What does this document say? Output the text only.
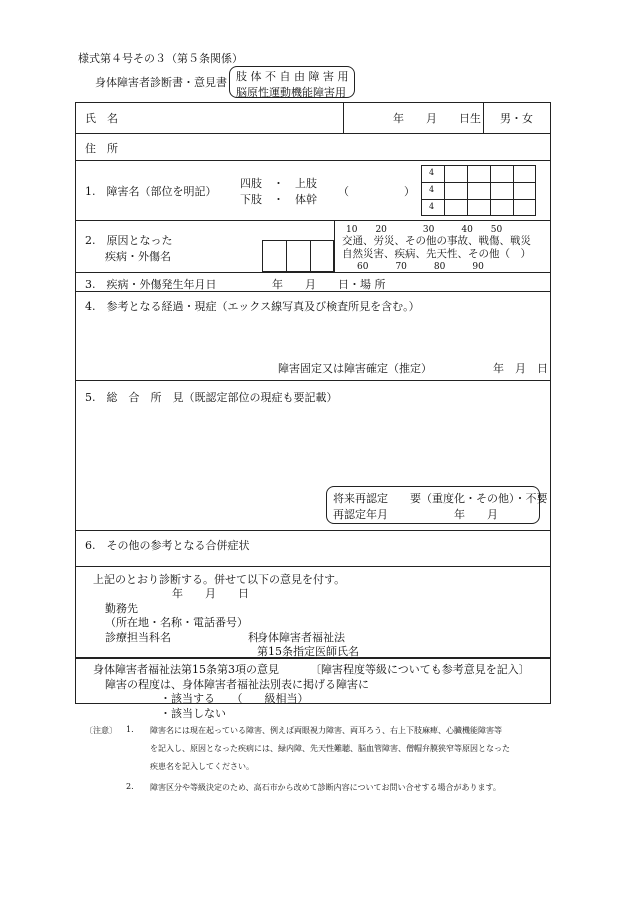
様式第４号その３（第５条関係）
身体障害者診断書・意見書 肢 体 不 自 由 障 害 用
脳原性運動機能障害用
氏　名	年　　月　　日生 男・女
住　所
1.　障害名（部位を明記）
四肢　・　上肢
下肢　・　体幹
（　　　　　）
4
4
4
2.　原因となった
疾病・外傷名
10　　20　　　　30　　　40　　50
交通、労災、その他の事故、戦傷、戦災
自然災害、疾病、先天性、その他（　）
60　　　70　　　80　　　90
3.　疾病・外傷発生年月日	年　　月　　日・場 所
4.　参考となる経過・現症（エックス線写真及び検査所見を含む。）
障害固定又は障害確定（推定）	年　月　日
5.　総　合　所　見（既認定部位の現症も要記載）
将来再認定　　要（重度化・その他）・不要
再認定年月　　　　　　年　　月
6.　その他の参考となる合併症状
上記のとおり診断する。併せて以下の意見を付す。
年　　月　　日
勤務先
（所在地・名称・電話番号）
診療担当科名　　　　　　　科
身体障害者福祉法
第15条指定医師氏名
身体障害者福祉法第15条第3項の意見	〔障害程度等級についても参考意見を記入〕
障害の程度は、身体障害者福祉法別表に掲げる障害に
・該当する　　（　　級相当）
・該当しない
〔注意〕 1. 障害名には現在起っている障害、例えば両眼視力障害、両耳ろう、右上下肢麻痺、心臓機能障害等
を記入し、原因となった疾病には、緑内障、先天性難聴、脳血管障害、僧帽弁膜狭窄等原因となった
疾患名を記入してください。
2. 障害区分や等級決定のため、高石市から改めて診断内容についてお問い合せする場合があります。
